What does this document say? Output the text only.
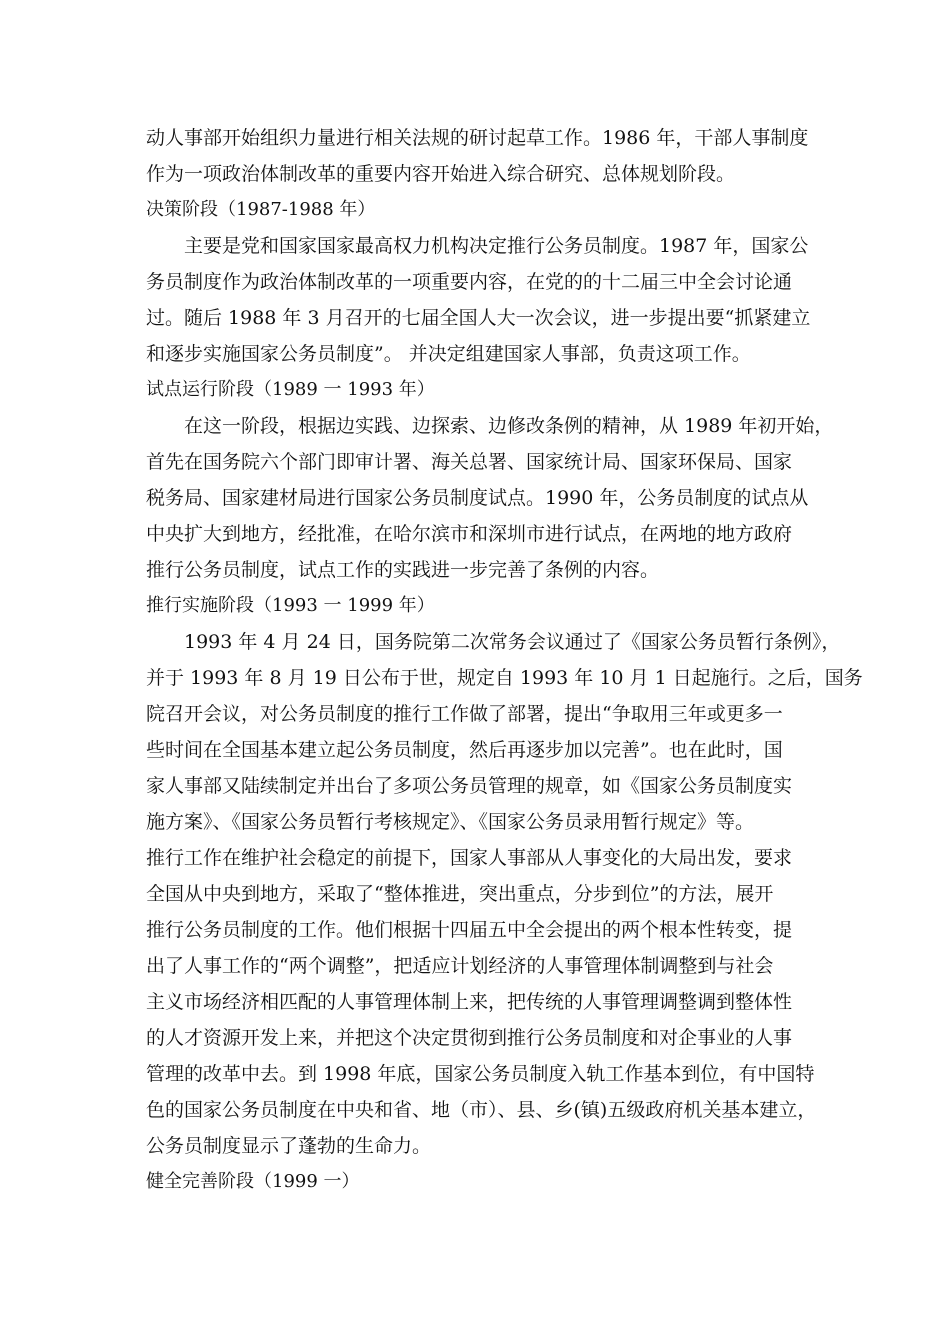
动人事部开始组织力量进行相关法规的研讨起草工作。1986 年，干部人事制度
作为一项政治体制改革的重要内容开始进入综合研究、总体规划阶段。
决策阶段（1987-1988 年）
主要是党和国家国家最高权力机构决定推行公务员制度。1987 年，国家公
务员制度作为政治体制改革的一项重要内容，在党的的十二届三中全会讨论通
过。随后 1988 年 3 月召开的七届全国人大一次会议，进一步提出要“抓紧建立
和逐步实施国家公务员制度”。 并决定组建国家人事部，负责这项工作。
试点运行阶段（1989 一 1993 年）
在这一阶段，根据边实践、边探索、边修改条例的精神，从 1989 年初开始，
首先在国务院六个部门即审计署、海关总署、国家统计局、国家环保局、国家
税务局、国家建材局进行国家公务员制度试点。1990 年，公务员制度的试点从
中央扩大到地方，经批准，在哈尔滨市和深圳市进行试点，在两地的地方政府
推行公务员制度，试点工作的实践进一步完善了条例的内容。
推行实施阶段（1993 一 1999 年）
1993 年 4 月 24 日，国务院第二次常务会议通过了《国家公务员暂行条例》，
并于 1993 年 8 月 19 日公布于世，规定自 1993 年 10 月 1 日起施行。之后，国务
院召开会议，对公务员制度的推行工作做了部署，提出“争取用三年或更多一
些时间在全国基本建立起公务员制度，然后再逐步加以完善”。也在此时，国
家人事部又陆续制定并出台了多项公务员管理的规章，如《国家公务员制度实
施方案》、《国家公务员暂行考核规定》、《国家公务员录用暂行规定》等。
推行工作在维护社会稳定的前提下，国家人事部从人事变化的大局出发，要求
全国从中央到地方，采取了“整体推进，突出重点，分步到位”的方法，展开
推行公务员制度的工作。他们根据十四届五中全会提出的两个根本性转变，提
出了人事工作的“两个调整”，把适应计划经济的人事管理体制调整到与社会
主义市场经济相匹配的人事管理体制上来，把传统的人事管理调整调到整体性
的人才资源开发上来，并把这个决定贯彻到推行公务员制度和对企事业的人事
管理的改革中去。到 1998 年底，国家公务员制度入轨工作基本到位，有中国特
色的国家公务员制度在中央和省、地（市）、县、乡(镇)五级政府机关基本建立，
公务员制度显示了蓬勃的生命力。
健全完善阶段（1999 一）
